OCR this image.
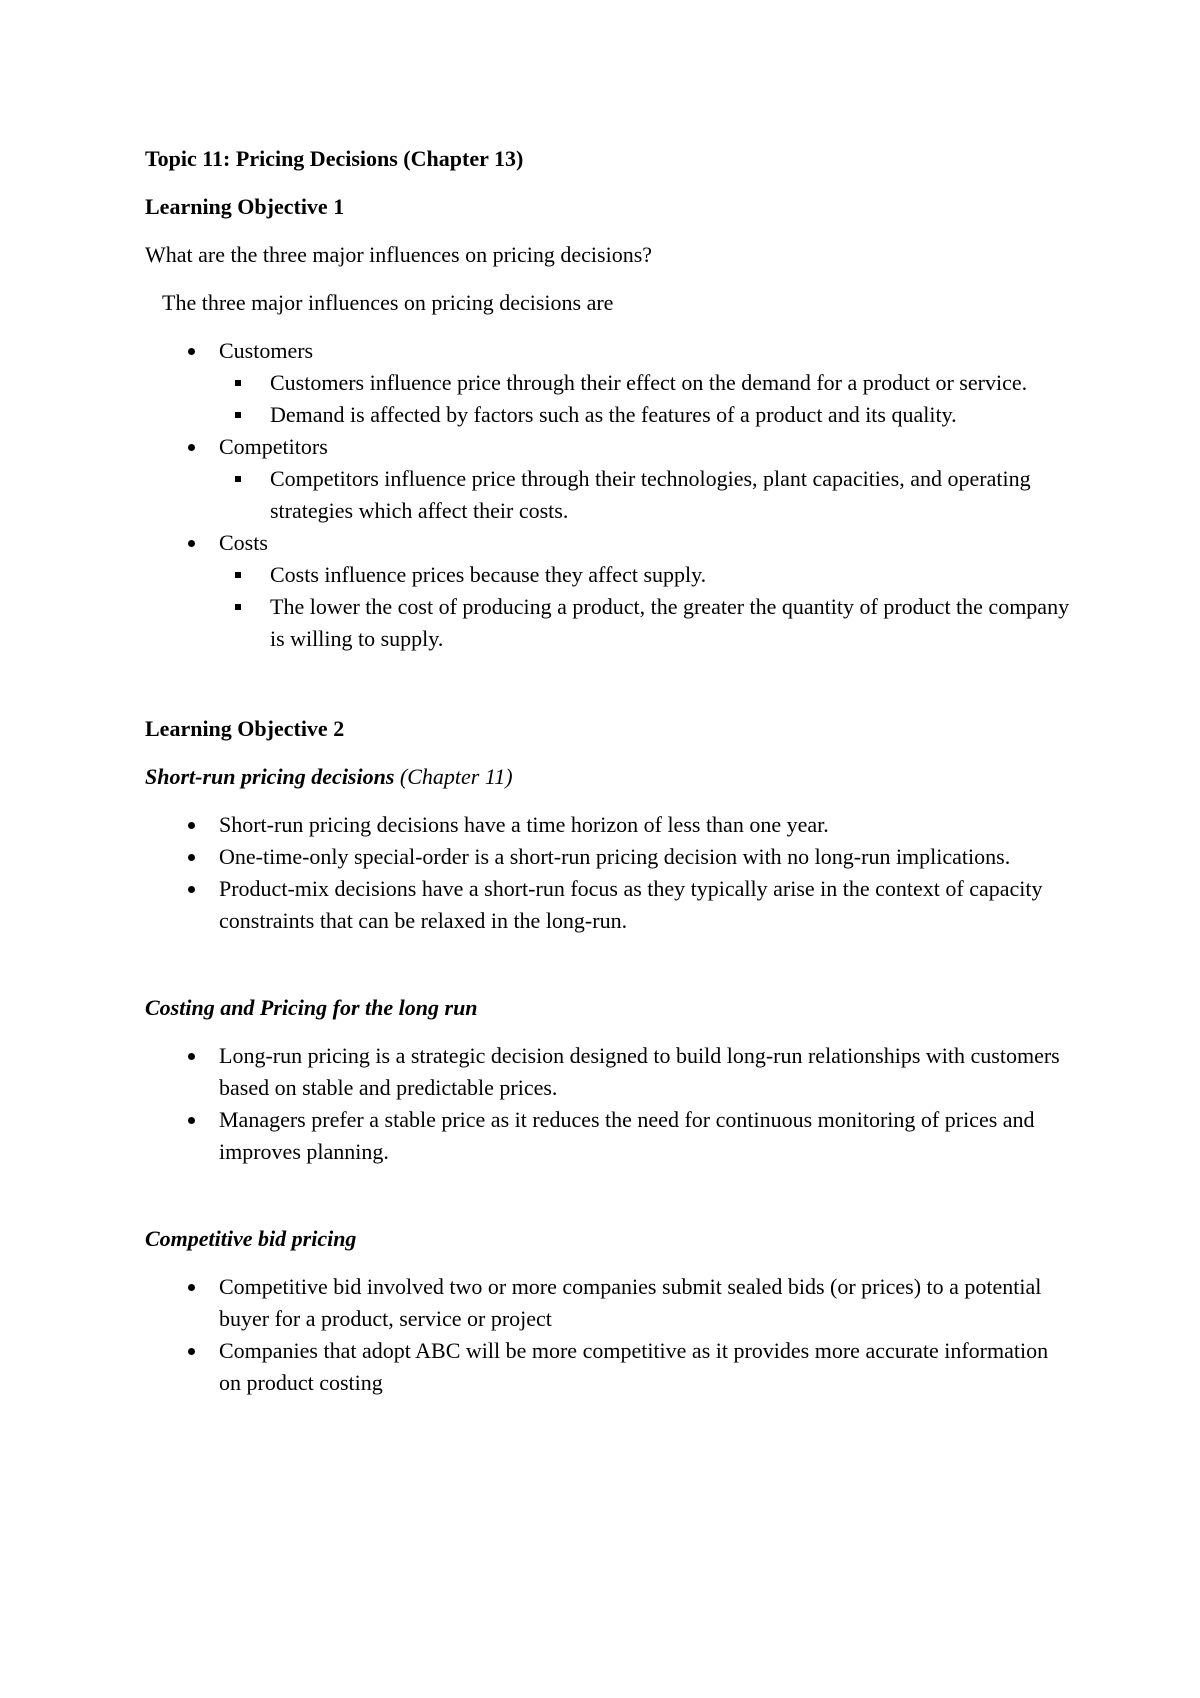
Topic 11: Pricing Decisions (Chapter 13)

Learning Objective 1

What are the three major influences on pricing decisions?

The three major influences on pricing decisions are

Customers
Customers influence price through their effect on the demand for a product or service.
Demand is affected by factors such as the features of a product and its quality.
Competitors
Competitors influence price through their technologies, plant capacities, and operating strategies which affect their costs.
Costs
Costs influence prices because they affect supply.
The lower the cost of producing a product, the greater the quantity of product the company is willing to supply.

Learning Objective 2

Short-run pricing decisions (Chapter 11)

Short-run pricing decisions have a time horizon of less than one year.
One-time-only special-order is a short-run pricing decision with no long-run implications.
Product-mix decisions have a short-run focus as they typically arise in the context of capacity constraints that can be relaxed in the long-run.

Costing and Pricing for the long run

Long-run pricing is a strategic decision designed to build long-run relationships with customers based on stable and predictable prices.
Managers prefer a stable price as it reduces the need for continuous monitoring of prices and improves planning.

Competitive bid pricing

Competitive bid involved two or more companies submit sealed bids (or prices) to a potential buyer for a product, service or project
Companies that adopt ABC will be more competitive as it provides more accurate information on product costing
